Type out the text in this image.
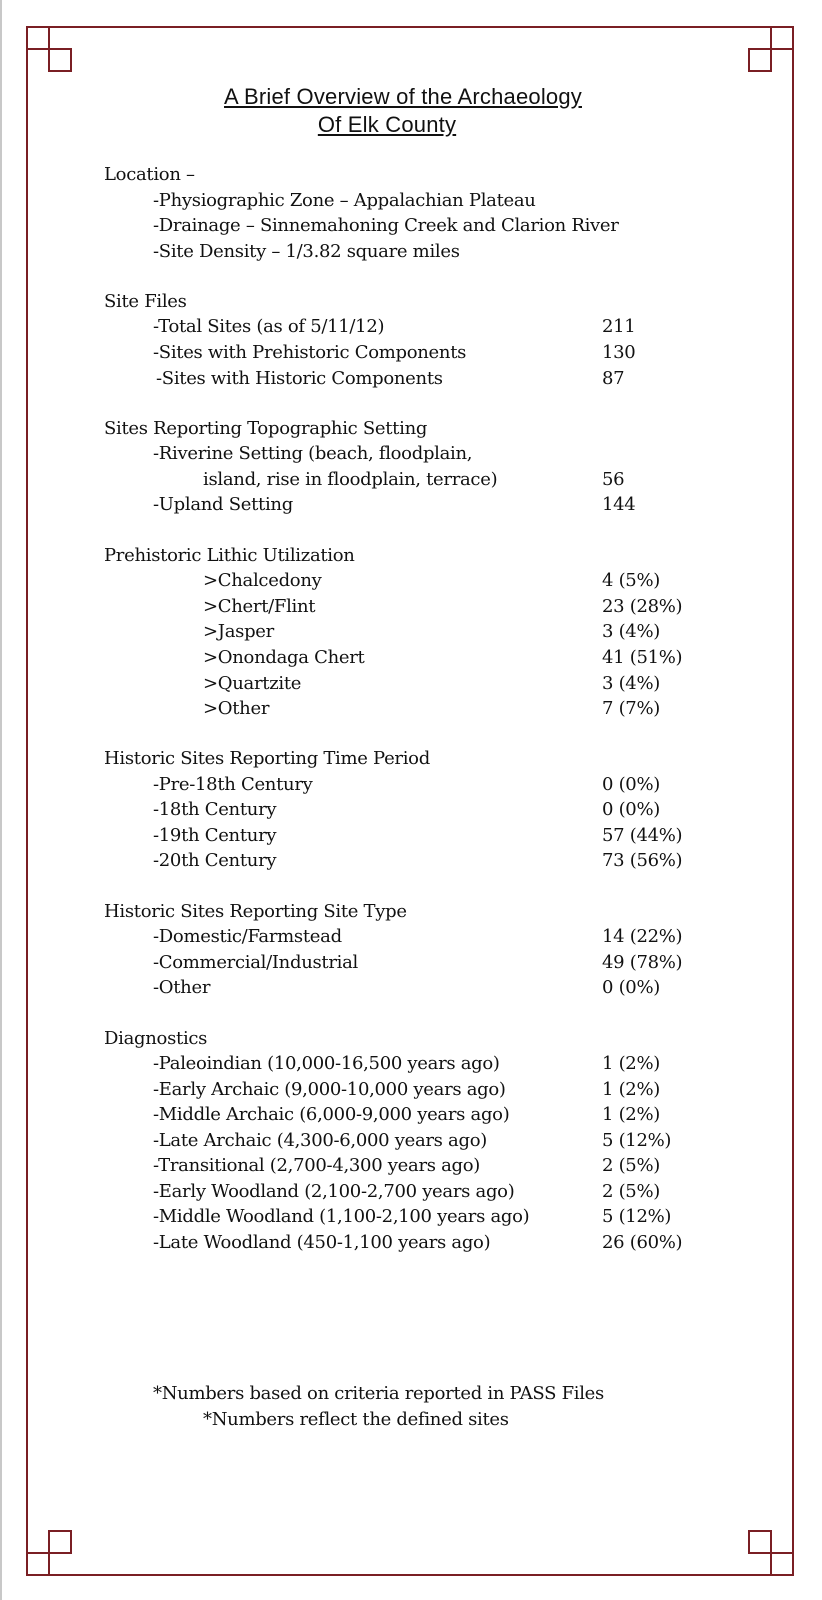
A Brief Overview of the Archaeology
Of Elk County
Location –
-Physiographic Zone – Appalachian Plateau
-Drainage – Sinnemahoning Creek and Clarion River
-Site Density – 1/3.82 square miles
Site Files
-Total Sites (as of 5/11/12)	211
-Sites with Prehistoric Components	130
-Sites with Historic Components	87
Sites Reporting Topographic Setting
-Riverine Setting (beach, floodplain,
island, rise in floodplain, terrace)	56
-Upland Setting	144
Prehistoric Lithic Utilization
>Chalcedony	4 (5%)
>Chert/Flint	23 (28%)
>Jasper	3 (4%)
>Onondaga Chert	41 (51%)
>Quartzite	3 (4%)
>Other	7 (7%)
Historic Sites Reporting Time Period
-Pre-18th Century	0 (0%)
-18th Century	0 (0%)
-19th Century	57 (44%)
-20th Century	73 (56%)
Historic Sites Reporting Site Type
-Domestic/Farmstead	14 (22%)
-Commercial/Industrial	49 (78%)
-Other	0 (0%)
Diagnostics
-Paleoindian (10,000-16,500 years ago)	1 (2%)
-Early Archaic (9,000-10,000 years ago)	1 (2%)
-Middle Archaic (6,000-9,000 years ago)	1 (2%)
-Late Archaic (4,300-6,000 years ago)	5 (12%)
-Transitional (2,700-4,300 years ago)	2 (5%)
-Early Woodland (2,100-2,700 years ago)	2 (5%)
-Middle Woodland (1,100-2,100 years ago)	5 (12%)
-Late Woodland (450-1,100 years ago)	26 (60%)
*Numbers based on criteria reported in PASS Files
*Numbers reflect the defined sites
